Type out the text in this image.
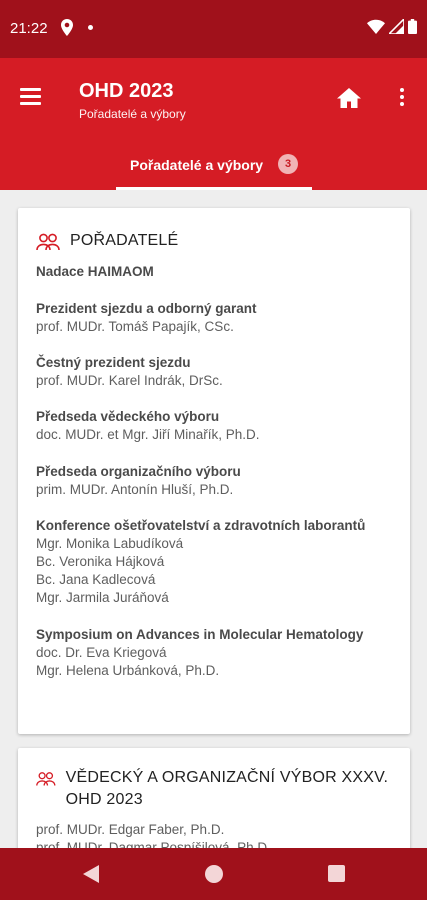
21:22
OHD 2023
Pořadatelé a výbory
Pořadatelé a výbory	3
POŘADATELÉ
Nadace HAIMAOM
Prezident sjezdu a odborný garant
prof. MUDr. Tomáš Papajík, CSc.
Čestný prezident sjezdu
prof. MUDr. Karel Indrák, DrSc.
Předseda vědeckého výboru
doc. MUDr. et Mgr. Jiří Minařík, Ph.D.
Předseda organizačního výboru
prim. MUDr. Antonín Hluší, Ph.D.
Konference ošetřovatelství a zdravotních laborantů
Mgr. Monika Labudíková
Bc. Veronika Hájková
Bc. Jana Kadlecová
Mgr. Jarmila Juráňová
Symposium on Advances in Molecular Hematology
doc. Dr. Eva Kriegová
Mgr. Helena Urbánková, Ph.D.
VĚDECKÝ A ORGANIZAČNÍ VÝBOR XXXV. OHD 2023
prof. MUDr. Edgar Faber, Ph.D.
